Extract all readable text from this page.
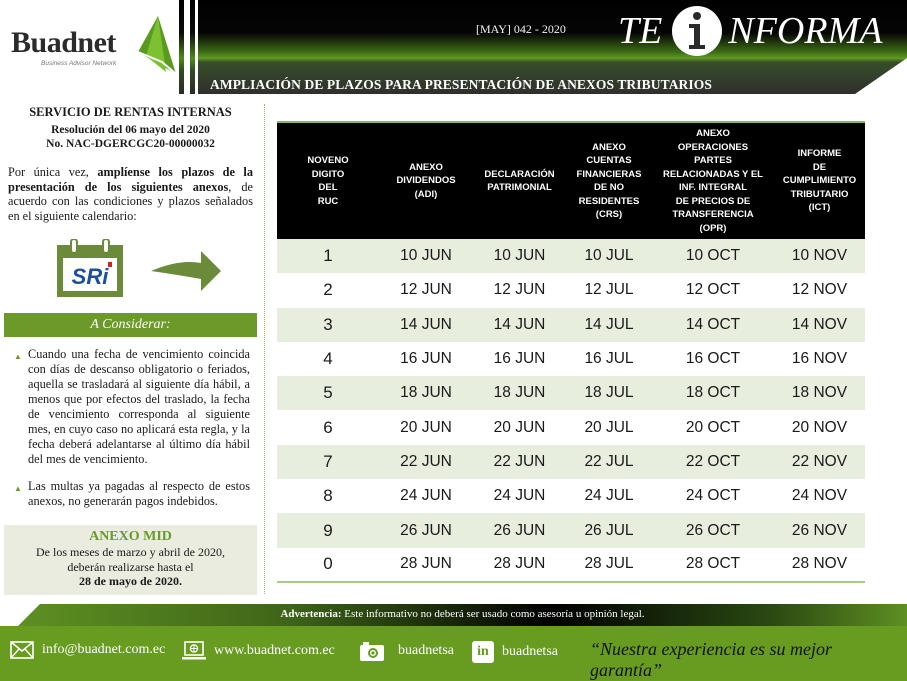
Buadnet
Business Advisor Network
[MAY] 042 - 2020 TE NFORMA
AMPLIACIÓN DE PLAZOS PARA PRESENTACIÓN DE ANEXOS TRIBUTARIOS
SERVICIO DE RENTAS INTERNAS
Resolución del 06 mayo del 2020
No. NAC-DGERCGC20-00000032

Por única vez, amplíense los plazos de la presentación de los siguientes anexos, de acuerdo con las condiciones y plazos señalados en el siguiente calendario:

SRi
A Considerar:
▲ Cuando una fecha de vencimiento coincida con días de descanso obligatorio o feriados, aquella se trasladará al siguiente día hábil, a menos que por efectos del traslado, la fecha de vencimiento corresponda al siguiente mes, en cuyo caso no aplicará esta regla, y la fecha deberá adelantarse al último día hábil del mes de vencimiento.
▲ Las multas ya pagadas al respecto de estos anexos, no generarán pagos indebidos.
ANEXO MID
De los meses de marzo y abril de 2020,
deberán realizarse hasta el
28 de mayo de 2020.
NOVENO
DIGITO
DEL
RUC	ANEXO
DIVIDENDOS
(ADI)	DECLARACIÓN
PATRIMONIAL	ANEXO
CUENTAS
FINANCIERAS
DE NO
RESIDENTES
(CRS)	ANEXO
OPERACIONES
PARTES
RELACIONADAS Y EL
INF. INTEGRAL
DE PRECIOS DE
TRANSFERENCIA
(OPR)	INFORME
DE
CUMPLIMIENTO
TRIBUTARIO
(ICT)
1	10 JUN	10 JUN	10 JUL	10 OCT	10 NOV
2	12 JUN	12 JUN	12 JUL	12 OCT	12 NOV
3	14 JUN	14 JUN	14 JUL	14 OCT	14 NOV
4	16 JUN	16 JUN	16 JUL	16 OCT	16 NOV
5	18 JUN	18 JUN	18 JUL	18 OCT	18 NOV
6	20 JUN	20 JUN	20 JUL	20 OCT	20 NOV
7	22 JUN	22 JUN	22 JUL	22 OCT	22 NOV
8	24 JUN	24 JUN	24 JUL	24 OCT	24 NOV
9	26 JUN	26 JUN	26 JUL	26 OCT	26 NOV
0	28 JUN	28 JUN	28 JUL	28 OCT	28 NOV
Advertencia: Este informativo no deberá ser usado como asesoría u opinión legal.
info@buadnet.com.ec	www.buadnet.com.ec	buadnetsa in buadnetsa “Nuestra experiencia es su mejor garantía”
